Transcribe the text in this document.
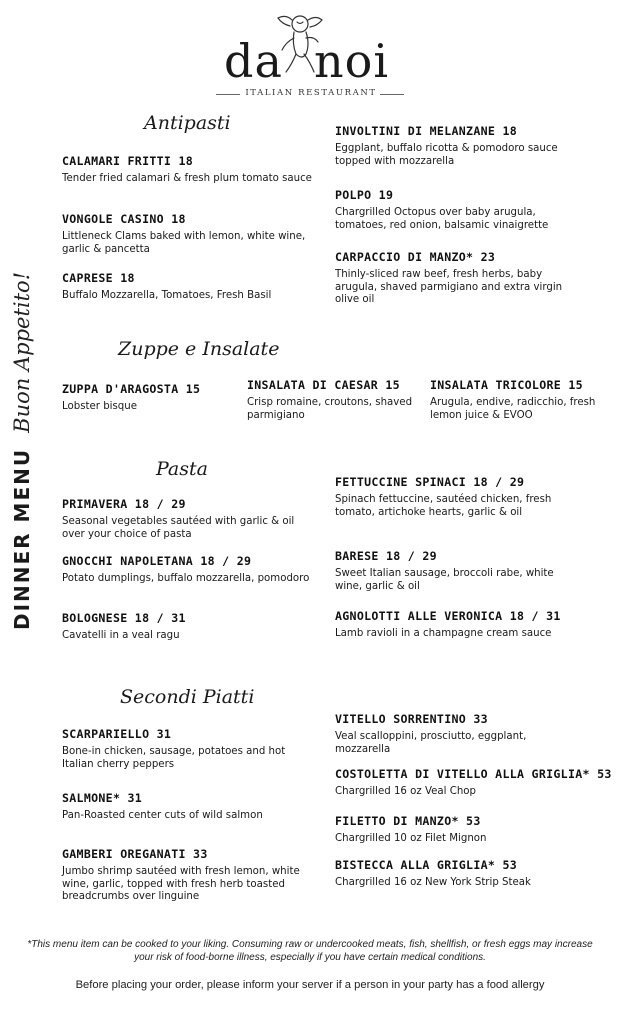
da noi
ITALIAN RESTAURANT
DINNER MENU Buon Appetito!
Antipasti
CALAMARI FRITTI 18

Tender fried calamari & fresh plum tomato sauce

VONGOLE CASINO 18

Littleneck Clams baked with lemon, white wine, garlic & pancetta

CAPRESE 18

Buffalo Mozzarella, Tomatoes, Fresh Basil

INVOLTINI DI MELANZANE 18

Eggplant, buffalo ricotta & pomodoro sauce topped with mozzarella

POLPO 19

Chargrilled Octopus over baby arugula, tomatoes, red onion, balsamic vinaigrette

CARPACCIO DI MANZO* 23

Thinly-sliced raw beef, fresh herbs, baby arugula, shaved parmigiano and extra virgin olive oil

Zuppe e Insalate
ZUPPA D'ARAGOSTA 15

Lobster bisque

INSALATA DI CAESAR 15

Crisp romaine, croutons, shaved parmigiano

INSALATA TRICOLORE 15

Arugula, endive, radicchio, fresh lemon juice & EVOO

Pasta
PRIMAVERA 18 / 29

Seasonal vegetables sautéed with garlic & oil over your choice of pasta

GNOCCHI NAPOLETANA 18 / 29

Potato dumplings, buffalo mozzarella, pomodoro

BOLOGNESE 18 / 31

Cavatelli in a veal ragu

FETTUCCINE SPINACI 18 / 29

Spinach fettuccine, sautéed chicken, fresh tomato, artichoke hearts, garlic & oil

BARESE 18 / 29

Sweet Italian sausage, broccoli rabe, white wine, garlic & oil

AGNOLOTTI ALLE VERONICA 18 / 31

Lamb ravioli in a champagne cream sauce

Secondi Piatti
SCARPARIELLO 31

Bone-in chicken, sausage, potatoes and hot Italian cherry peppers

SALMONE* 31

Pan-Roasted center cuts of wild salmon

GAMBERI OREGANATI 33

Jumbo shrimp sautéed with fresh lemon, white wine, garlic, topped with fresh herb toasted breadcrumbs over linguine

VITELLO SORRENTINO 33

Veal scalloppini, prosciutto, eggplant, mozzarella

COSTOLETTA DI VITELLO ALLA GRIGLIA* 53

Chargrilled 16 oz Veal Chop

FILETTO DI MANZO* 53

Chargrilled 10 oz Filet Mignon

BISTECCA ALLA GRIGLIA* 53

Chargrilled 16 oz New York Strip Steak

*This menu item can be cooked to your liking. Consuming raw or undercooked meats, fish, shellfish, or fresh eggs may increase your risk of food-borne illness, especially if you have certain medical conditions.
Before placing your order, please inform your server if a person in your party has a food allergy
